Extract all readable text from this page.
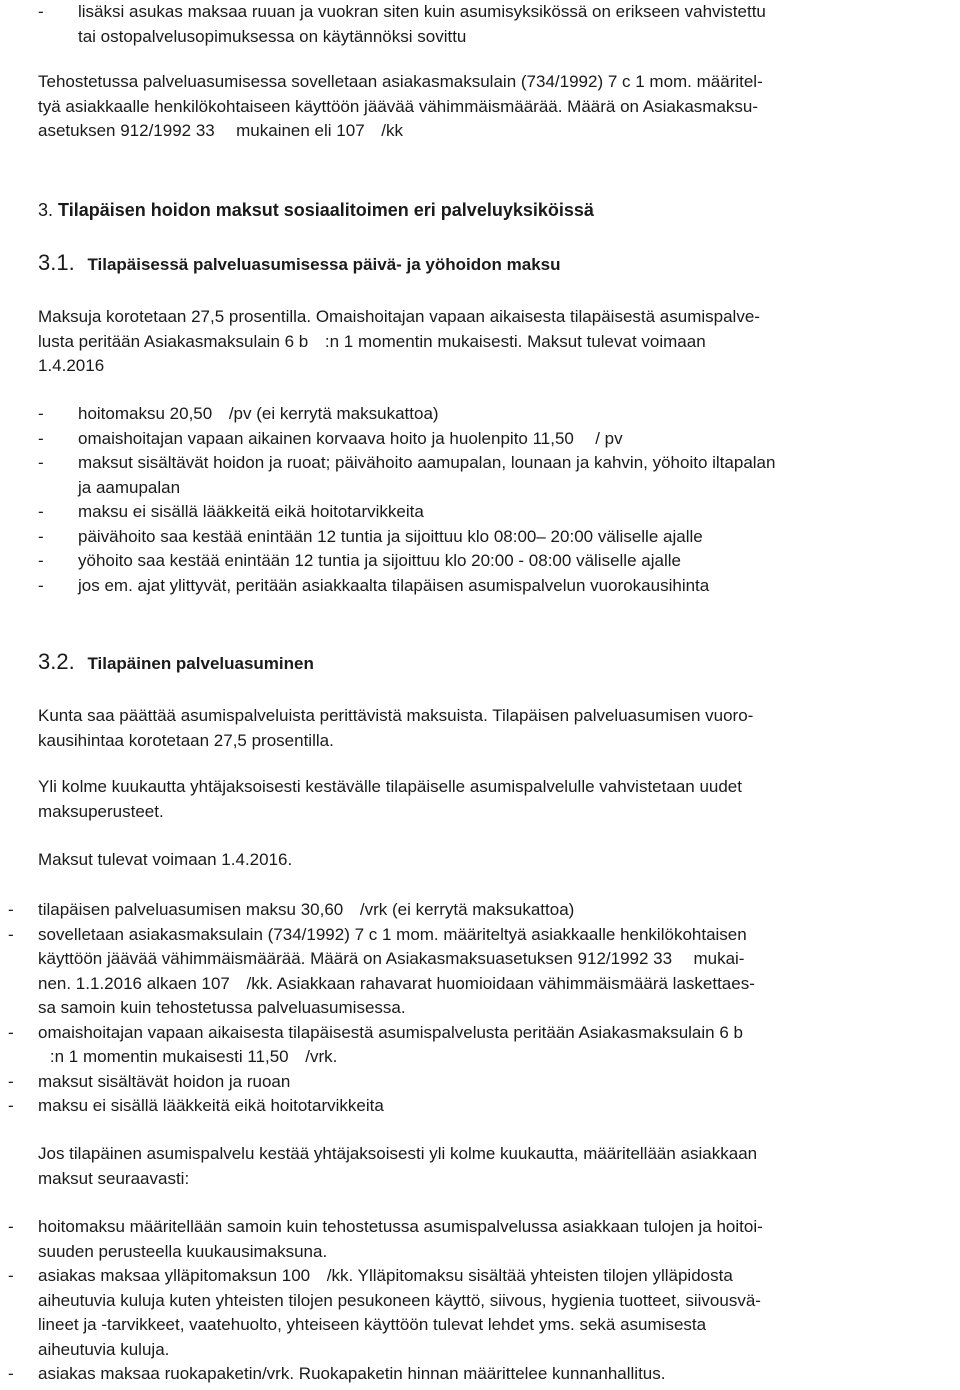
- lisäksi asukas maksaa ruuan ja vuokran siten kuin asumisyksikössä on erikseen vahvistettu

tai ostopalvelusopimuksessa on käytännöksi sovittu

Tehostetussa palveluasumisessa sovelletaan asiakasmaksulain (734/1992) 7 c 1 mom. määritel-

tyä asiakkaalle henkilökohtaiseen käyttöön jäävää vähimmäismäärää. Määrä on Asiakasmaksu-

asetuksen 912/1992 33 mukainen eli 107 /kk

3. Tilapäisen hoidon maksut sosiaalitoimen eri palveluyksiköissä
3.1. Tilapäisessä palveluasumisessa päivä- ja yöhoidon maksu

Maksuja korotetaan 27,5 prosentilla. Omaishoitajan vapaan aikaisesta tilapäisestä asumispalve-

lusta peritään Asiakasmaksulain 6 b :n 1 momentin mukaisesti. Maksut tulevat voimaan

1.4.2016

- hoitomaksu 20,50 /pv (ei kerrytä maksukattoa)
- omaishoitajan vapaan aikainen korvaava hoito ja huolenpito 11,50 / pv
- maksut sisältävät hoidon ja ruoat; päivähoito aamupalan, lounaan ja kahvin, yöhoito iltapalan

ja aamupalan

- maksu ei sisällä lääkkeitä eikä hoitotarvikkeita
- päivähoito saa kestää enintään 12 tuntia ja sijoittuu klo 08:00– 20:00 väliselle ajalle
- yöhoito saa kestää enintään 12 tuntia ja sijoittuu klo 20:00 - 08:00 väliselle ajalle
- jos em. ajat ylittyvät, peritään asiakkaalta tilapäisen asumispalvelun vuorokausihinta
3.2. Tilapäinen palveluasuminen

Kunta saa päättää asumispalveluista perittävistä maksuista. Tilapäisen palveluasumisen vuoro-

kausihintaa korotetaan 27,5 prosentilla.

Yli kolme kuukautta yhtäjaksoisesti kestävälle tilapäiselle asumispalvelulle vahvistetaan uudet

maksuperusteet.

Maksut tulevat voimaan 1.4.2016.

- tilapäisen palveluasumisen maksu 30,60 /vrk (ei kerrytä maksukattoa)
- sovelletaan asiakasmaksulain (734/1992) 7 c 1 mom. määriteltyä asiakkaalle henkilökohtaisen

käyttöön jäävää vähimmäismäärää. Määrä on Asiakasmaksuasetuksen 912/1992 33 mukai-

nen. 1.1.2016 alkaen 107 /kk. Asiakkaan rahavarat huomioidaan vähimmäismäärä laskettaes-

sa samoin kuin tehostetussa palveluasumisessa.

- omaishoitajan vapaan aikaisesta tilapäisestä asumispalvelusta peritään Asiakasmaksulain 6 b

:n 1 momentin mukaisesti 11,50 /vrk.

- maksut sisältävät hoidon ja ruoan
- maksu ei sisällä lääkkeitä eikä hoitotarvikkeita

Jos tilapäinen asumispalvelu kestää yhtäjaksoisesti yli kolme kuukautta, määritellään asiakkaan

maksut seuraavasti:

- hoitomaksu määritellään samoin kuin tehostetussa asumispalvelussa asiakkaan tulojen ja hoitoi-

suuden perusteella kuukausimaksuna.

- asiakas maksaa ylläpitomaksun 100 /kk. Ylläpitomaksu sisältää yhteisten tilojen ylläpidosta

aiheutuvia kuluja kuten yhteisten tilojen pesukoneen käyttö, siivous, hygienia tuotteet, siivousvä-

lineet ja -tarvikkeet, vaatehuolto, yhteiseen käyttöön tulevat lehdet yms. sekä asumisesta

aiheutuvia kuluja.

- asiakas maksaa ruokapaketin/vrk. Ruokapaketin hinnan määrittelee kunnanhallitus.
